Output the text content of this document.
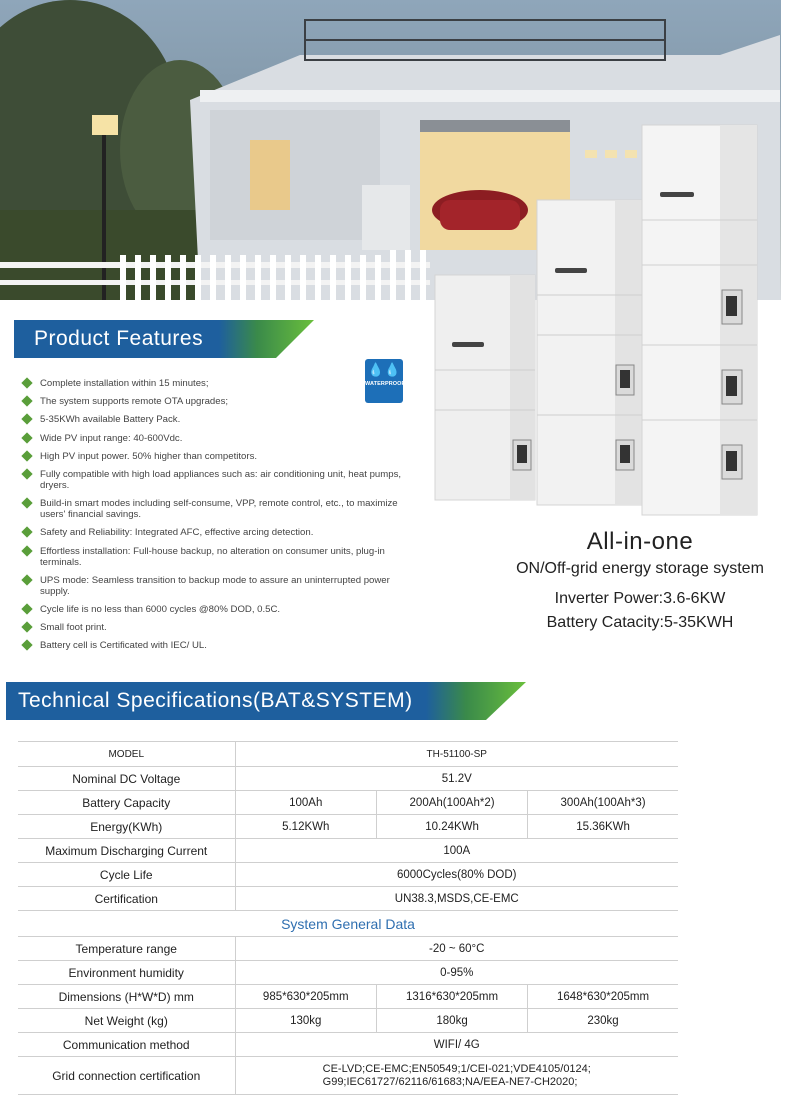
Product Features
💧💧
WATERPROOF
Complete installation within 15 minutes;
The system supports remote OTA upgrades;
5-35KWh available Battery Pack.
Wide PV input range: 40-600Vdc.
High PV input power. 50% higher than competitors.
Fully compatible with high load appliances such as: air conditioning unit, heat pumps, dryers.
Build-in smart modes including self-consume, VPP, remote control, etc., to maximize users' financial savings.
Safety and Reliability: Integrated AFC, effective arcing detection.
Effortless installation: Full-house backup, no alteration on consumer units, plug-in terminals.
UPS mode: Seamless transition to backup mode to assure an uninterrupted power supply.
Cycle life is no less than 6000 cycles @80% DOD, 0.5C.
Small foot print.
Battery cell is Certificated with IEC/ UL.
All-in-one
ON/Off-grid energy storage system
Inverter Power:3.6-6KW
Battery Catacity:5-35KWH
Technical Specifications(BAT&SYSTEM)
MODEL	TH-51100-SP		
Nominal DC Voltage	51.2V		
Battery Capacity	100Ah	200Ah(100Ah*2)	300Ah(100Ah*3)
Energy(KWh)	5.12KWh	10.24KWh	15.36KWh
Maximum Discharging Current	100A		
Cycle Life	6000Cycles(80% DOD)		
Certification	UN38.3,MSDS,CE-EMC		
System General Data			
Temperature range	-20 ~ 60°C		
Environment humidity	0-95%		
Dimensions (H*W*D) mm	985*630*205mm	1316*630*205mm	1648*630*205mm
Net Weight (kg)	130kg	180kg	230kg
Communication method	WIFI/ 4G		
Grid connection certification	CE-LVD;CE-EMC;EN50549;1/CEI-021;VDE4105/0124;
G99;IEC61727/62116/61683;NA/EEA-NE7-CH2020;		
